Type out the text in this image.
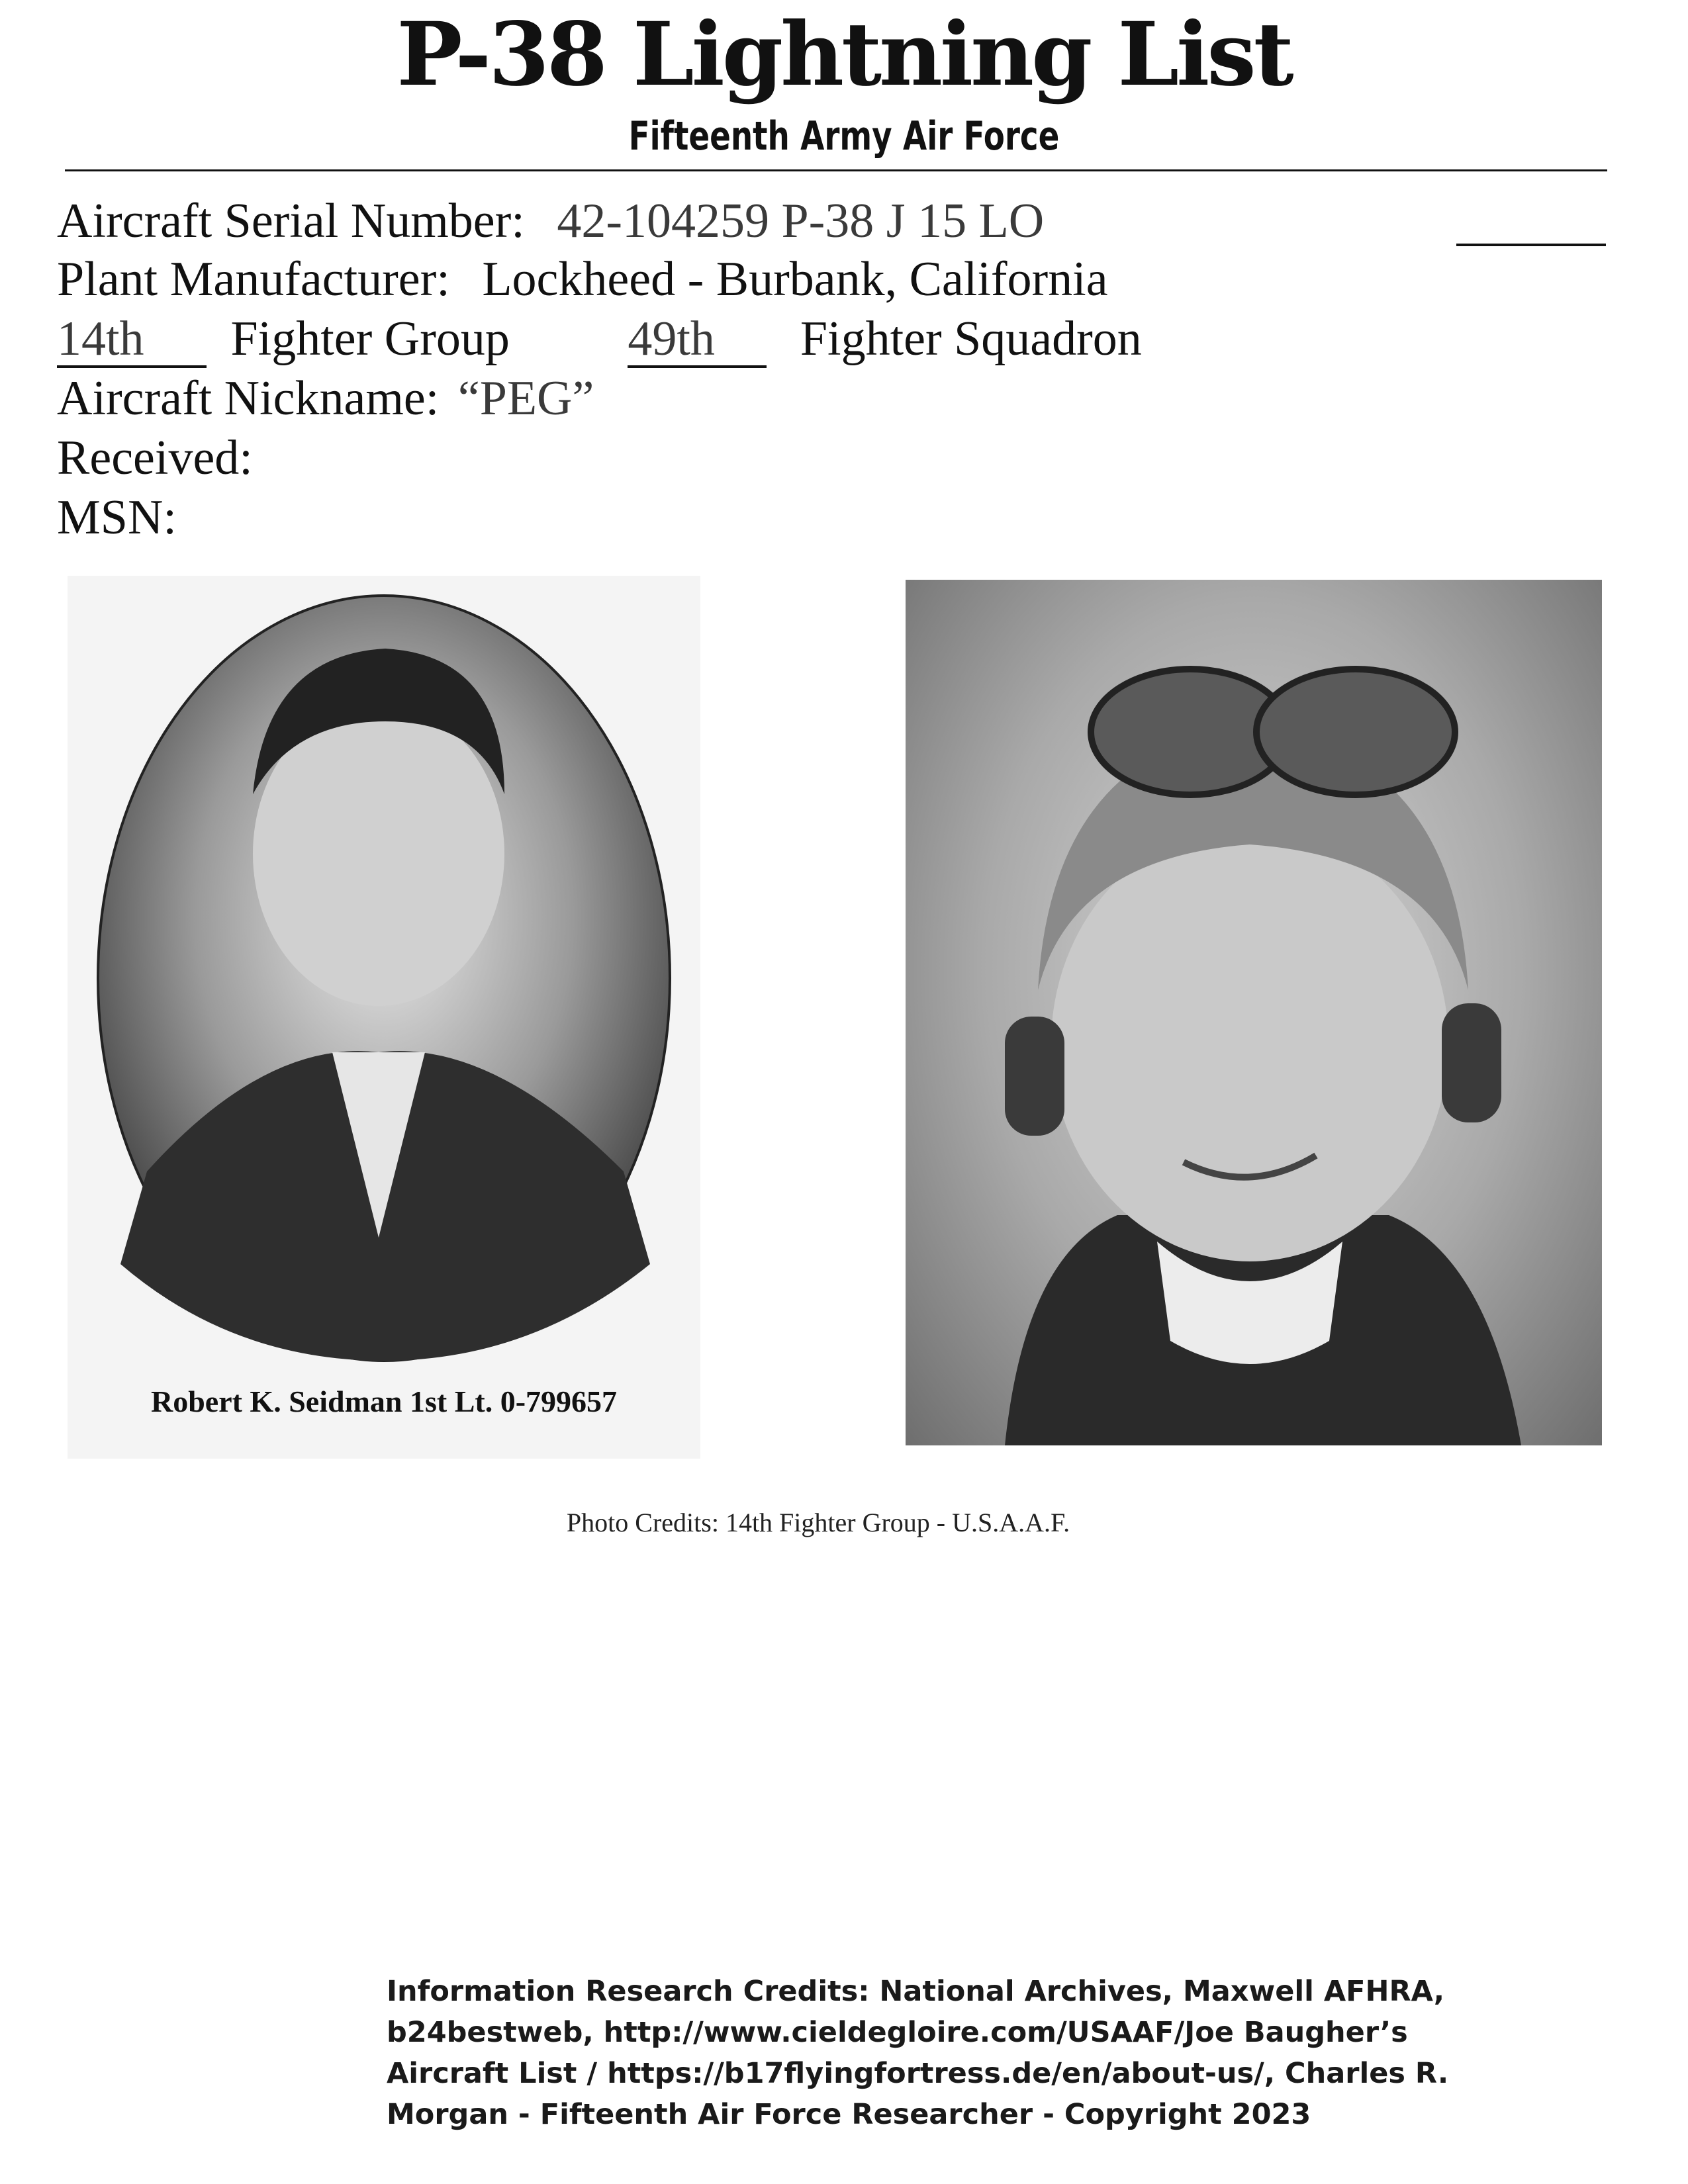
P-38 Lightning List
Fifteenth Army Air Force
Aircraft Serial Number: 42-104259 P-38 J 15 LO
Plant Manufacturer: Lockheed - Burbank, California
14th Fighter Group 49th Fighter Squadron
Aircraft Nickname: “PEG”
Received:
MSN:
Robert K. Seidman 1st Lt. 0-799657
Photo Credits: 14th Fighter Group - U.S.A.A.F.
Information Research Credits: National Archives, Maxwell AFHRA,
b24bestweb, http://www.cieldegloire.com/USAAF/Joe Baugher’s
Aircraft List / https://b17flyingfortress.de/en/about-us/, Charles R.
Morgan - Fifteenth Air Force Researcher - Copyright 2023
